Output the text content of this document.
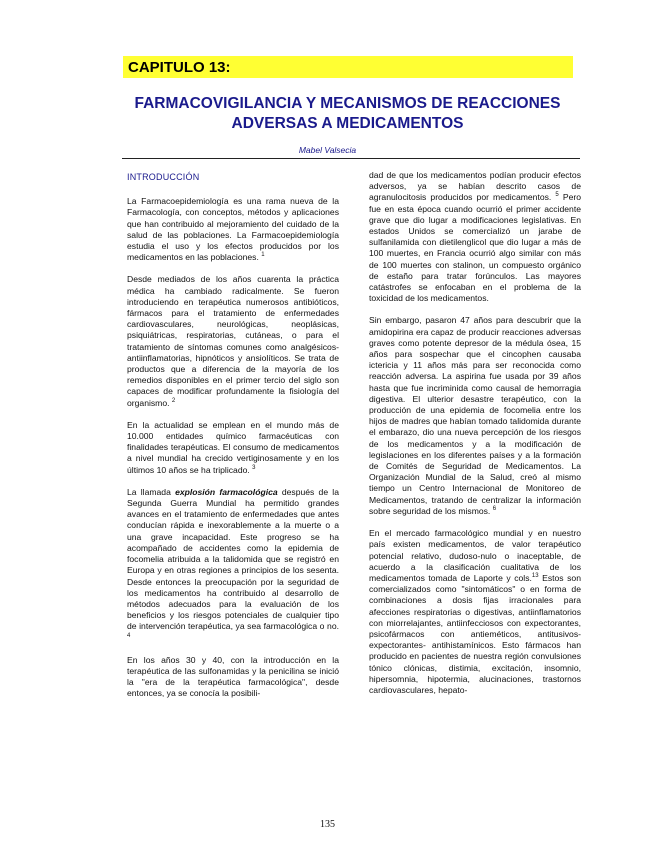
CAPITULO 13:
FARMACOVIGILANCIA Y MECANISMOS DE REACCIONES
ADVERSAS A MEDICAMENTOS
Mabel Valsecia
INTRODUCCIÓN

La Farmacoepidemiología es una rama nueva de la Farmacología, con conceptos, métodos y aplicaciones que han contribuido al mejoramiento del cuidado de la salud de las poblaciones. La Farmacoepidemiología estudia el uso y los efectos producidos por los medicamentos en las poblaciones. $^1$

Desde mediados de los años cuarenta la práctica médica ha cambiado radicalmente. Se fueron introduciendo en terapéutica numerosos antibióticos, fármacos para el tratamiento de enfermedades cardiovasculares, neurológicas, neoplásicas, psiquiátricas, respiratorias, cutáneas, o para el tratamiento de síntomas comunes como analgésicos- antiinflamatorias, hipnóticos y ansiolíticos. Se trata de productos que a diferencia de la mayoría de los remedios disponibles en el primer tercio del siglo son capaces de modificar profundamente la fisiología del organismo. $^2$

En la actualidad se emplean en el mundo más de 10.000 entidades químico farmacéuticas con finalidades terapéuticas. El consumo de medicamentos a nivel mundial ha crecido vertiginosamente y en los últimos 10 años se ha triplicado. $^3$

La llamada explosión farmacológica después de la Segunda Guerra Mundial ha permitido grandes avances en el tratamiento de enfermedades que antes conducían rápida e inexorablemente a la muerte o a una grave incapacidad. Este progreso se ha acompañado de accidentes como la epidemia de focomelia atribuida a la talidomida que se registró en Europa y en otras regiones a principios de los sesenta. Desde entonces la preocupación por la seguridad de los medicamentos ha contribuido al desarrollo de métodos adecuados para la evaluación de los beneficios y los riesgos potenciales de cualquier tipo de intervención terapéutica, ya sea farmacológica o no. $^4$

En los años 30 y 40, con la introducción en la terapéutica de las sulfonamidas y la penicilina se inició la "era de la terapéutica farmacológica", desde entonces, ya se conocía la posibili-

dad de que los medicamentos podían producir efectos adversos, ya se habían descrito casos de agranulocitosis producidos por medicamentos. $^5$ Pero fue en esta época cuando ocurrió el primer accidente grave que dio lugar a modificaciones legislativas. En estados Unidos se comercializó un jarabe de sulfanilamida con dietilenglicol que dio lugar a más de 100 muertes, en Francia ocurrió algo similar con más de 100 muertes con stalinon, un compuesto orgánico de estaño para tratar forúnculos. Las mayores catástrofes se enfocaban en el problema de la toxicidad de los medicamentos.

Sin embargo, pasaron 47 años para descubrir que la amidopirina era capaz de producir reacciones adversas graves como potente depresor de la médula ósea, 15 años para sospechar que el cincophen causaba ictericia y 11 años más para ser reconocida como reacción adversa. La aspirina fue usada por 39 años hasta que fue incriminida como causal de hemorragia digestiva. El ulterior desastre terapéutico, con la producción de una epidemia de focomelia entre los hijos de madres que habían tomado talidomida durante el embarazo, dio una nueva percepción de los riesgos de los medicamentos y a la modificación de legislaciones en los diferentes países y a la formación de Comités de Seguridad de Medicamentos. La Organización Mundial de la Salud, creó al mismo tiempo un Centro Internacional de Monitoreo de Medicamentos, tratando de centralizar la información sobre seguridad de los mismos. $^6$

En el mercado farmacológico mundial y en nuestro país existen medicamentos, de valor terapéutico potencial relativo, dudoso-nulo o inaceptable, de acuerdo a la clasificación cualitativa de los medicamentos tomada de Laporte y cols.$^{13}$ Estos son comercializados como "sintomáticos" o en forma de combinaciones a dosis fijas irracionales para afecciones respiratorias o digestivas, antiinflamatorios con miorrelajantes, antiinfecciosos con expectorantes, psicofármacos con antieméticos, antitusivos-expectorantes- antihistamínicos. Esto fármacos han producido en pacientes de nuestra región convulsiones tónico clónicas, distimia, excitación, insomnio, hipersomnia, hipotermia, alucinaciones, trastornos cardiovasculares, hepato-

135
